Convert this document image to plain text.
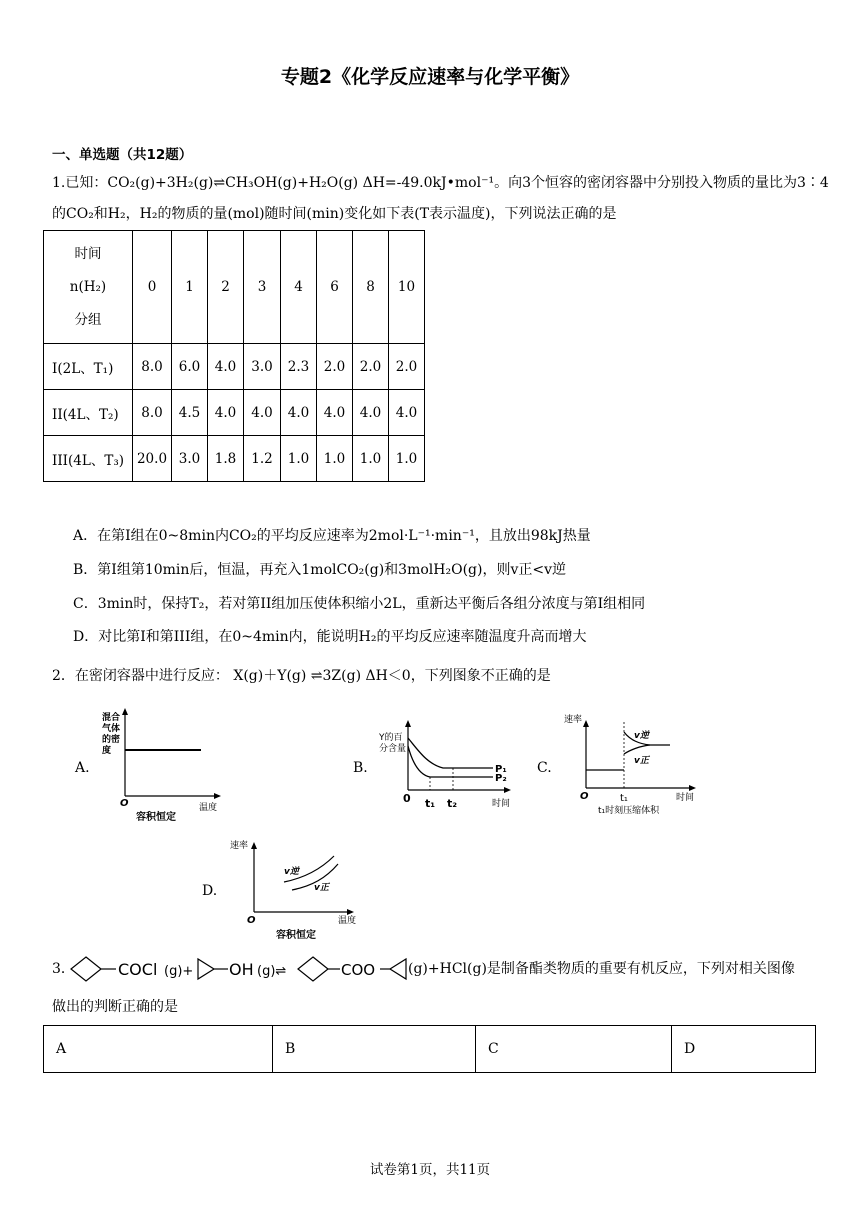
专题2《化学反应速率与化学平衡》
一、单选题（共12题）
1.已知：CO₂(g)+3H₂(g)⇌CH₃OH(g)+H₂O(g) ΔH=-49.0kJ•mol⁻¹。向3个恒容的密闭容器中分别投入物质的量比为3∶4
的CO₂和H₂，H₂的物质的量(mol)随时间(min)变化如下表(T表示温度)，下列说法正确的是
时间
n(H₂)
分组	0	1	2	3	4	6	8	10
I(2L、T₁)	8.0	6.0	4.0	3.0	2.3	2.0	2.0	2.0
II(4L、T₂)	8.0	4.5	4.0	4.0	4.0	4.0	4.0	4.0
III(4L、T₃)	20.0	3.0	1.8	1.2	1.0	1.0	1.0	1.0
A．在第I组在0~8min内CO₂的平均反应速率为2mol·L⁻¹·min⁻¹，且放出98kJ热量
B．第I组第10min后，恒温，再充入1molCO₂(g)和3molH₂O(g)，则v正<v逆
C．3min时，保持T₂，若对第II组加压使体积缩小2L，重新达平衡后各组分浓度与第I组相同
D．对比第I和第III组，在0~4min内，能说明H₂的平均反应速率随温度升高而增大
2．在密闭容器中进行反应： X(g)＋Y(g) ⇌3Z(g) ΔH＜0，下列图象不正确的是
A.
混合
气体
的密
度
O	温度
容积恒定
B.
Y的百
分含量
P₁
P₂
0 t₁ t₂	时间
C.
速率
v逆
v正
O	t₁	时间
t₁时刻压缩体积
D.
速率
v逆
v正
O	温度
容积恒定
3．	COCl (g)+ OH (g)⇌	COO (g)+HCl(g)是制备酯类物质的重要有机反应，下列对相关图像
做出的判断正确的是
A	B	C	D
试卷第1页，共11页
